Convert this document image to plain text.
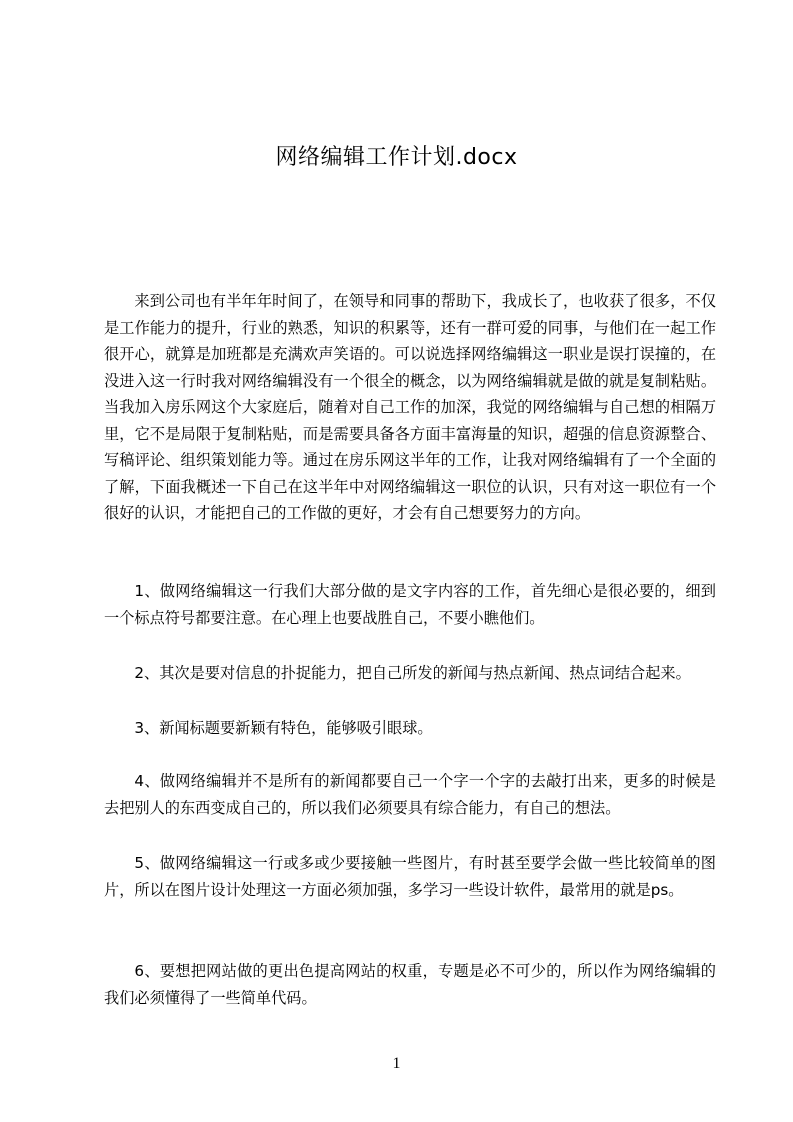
网络编辑工作计划.docx

来到公司也有半年年时间了，在领导和同事的帮助下，我成长了，也收获了很多，不仅是工作能力的提升，行业的熟悉，知识的积累等，还有一群可爱的同事，与他们在一起工作很开心，就算是加班都是充满欢声笑语的。可以说选择网络编辑这一职业是误打误撞的，在没进入这一行时我对网络编辑没有一个很全的概念，以为网络编辑就是做的就是复制粘贴。当我加入房乐网这个大家庭后，随着对自己工作的加深，我觉的网络编辑与自己想的相隔万里，它不是局限于复制粘贴，而是需要具备各方面丰富海量的知识，超强的信息资源整合、写稿评论、组织策划能力等。通过在房乐网这半年的工作，让我对网络编辑有了一个全面的了解，下面我概述一下自己在这半年中对网络编辑这一职位的认识，只有对这一职位有一个很好的认识，才能把自己的工作做的更好，才会有自己想要努力的方向。

1、做网络编辑这一行我们大部分做的是文字内容的工作，首先细心是很必要的，细到一个标点符号都要注意。在心理上也要战胜自己，不要小瞧他们。

2、其次是要对信息的扑捉能力，把自己所发的新闻与热点新闻、热点词结合起来。

3、新闻标题要新颖有特色，能够吸引眼球。

4、做网络编辑并不是所有的新闻都要自己一个字一个字的去敲打出来，更多的时候是去把别人的东西变成自己的，所以我们必须要具有综合能力，有自己的想法。

5、做网络编辑这一行或多或少要接触一些图片，有时甚至要学会做一些比较简单的图片，所以在图片设计处理这一方面必须加强，多学习一些设计软件，最常用的就是ps。

6、要想把网站做的更出色提高网站的权重，专题是必不可少的，所以作为网络编辑的我们必须懂得了一些简单代码。

1
